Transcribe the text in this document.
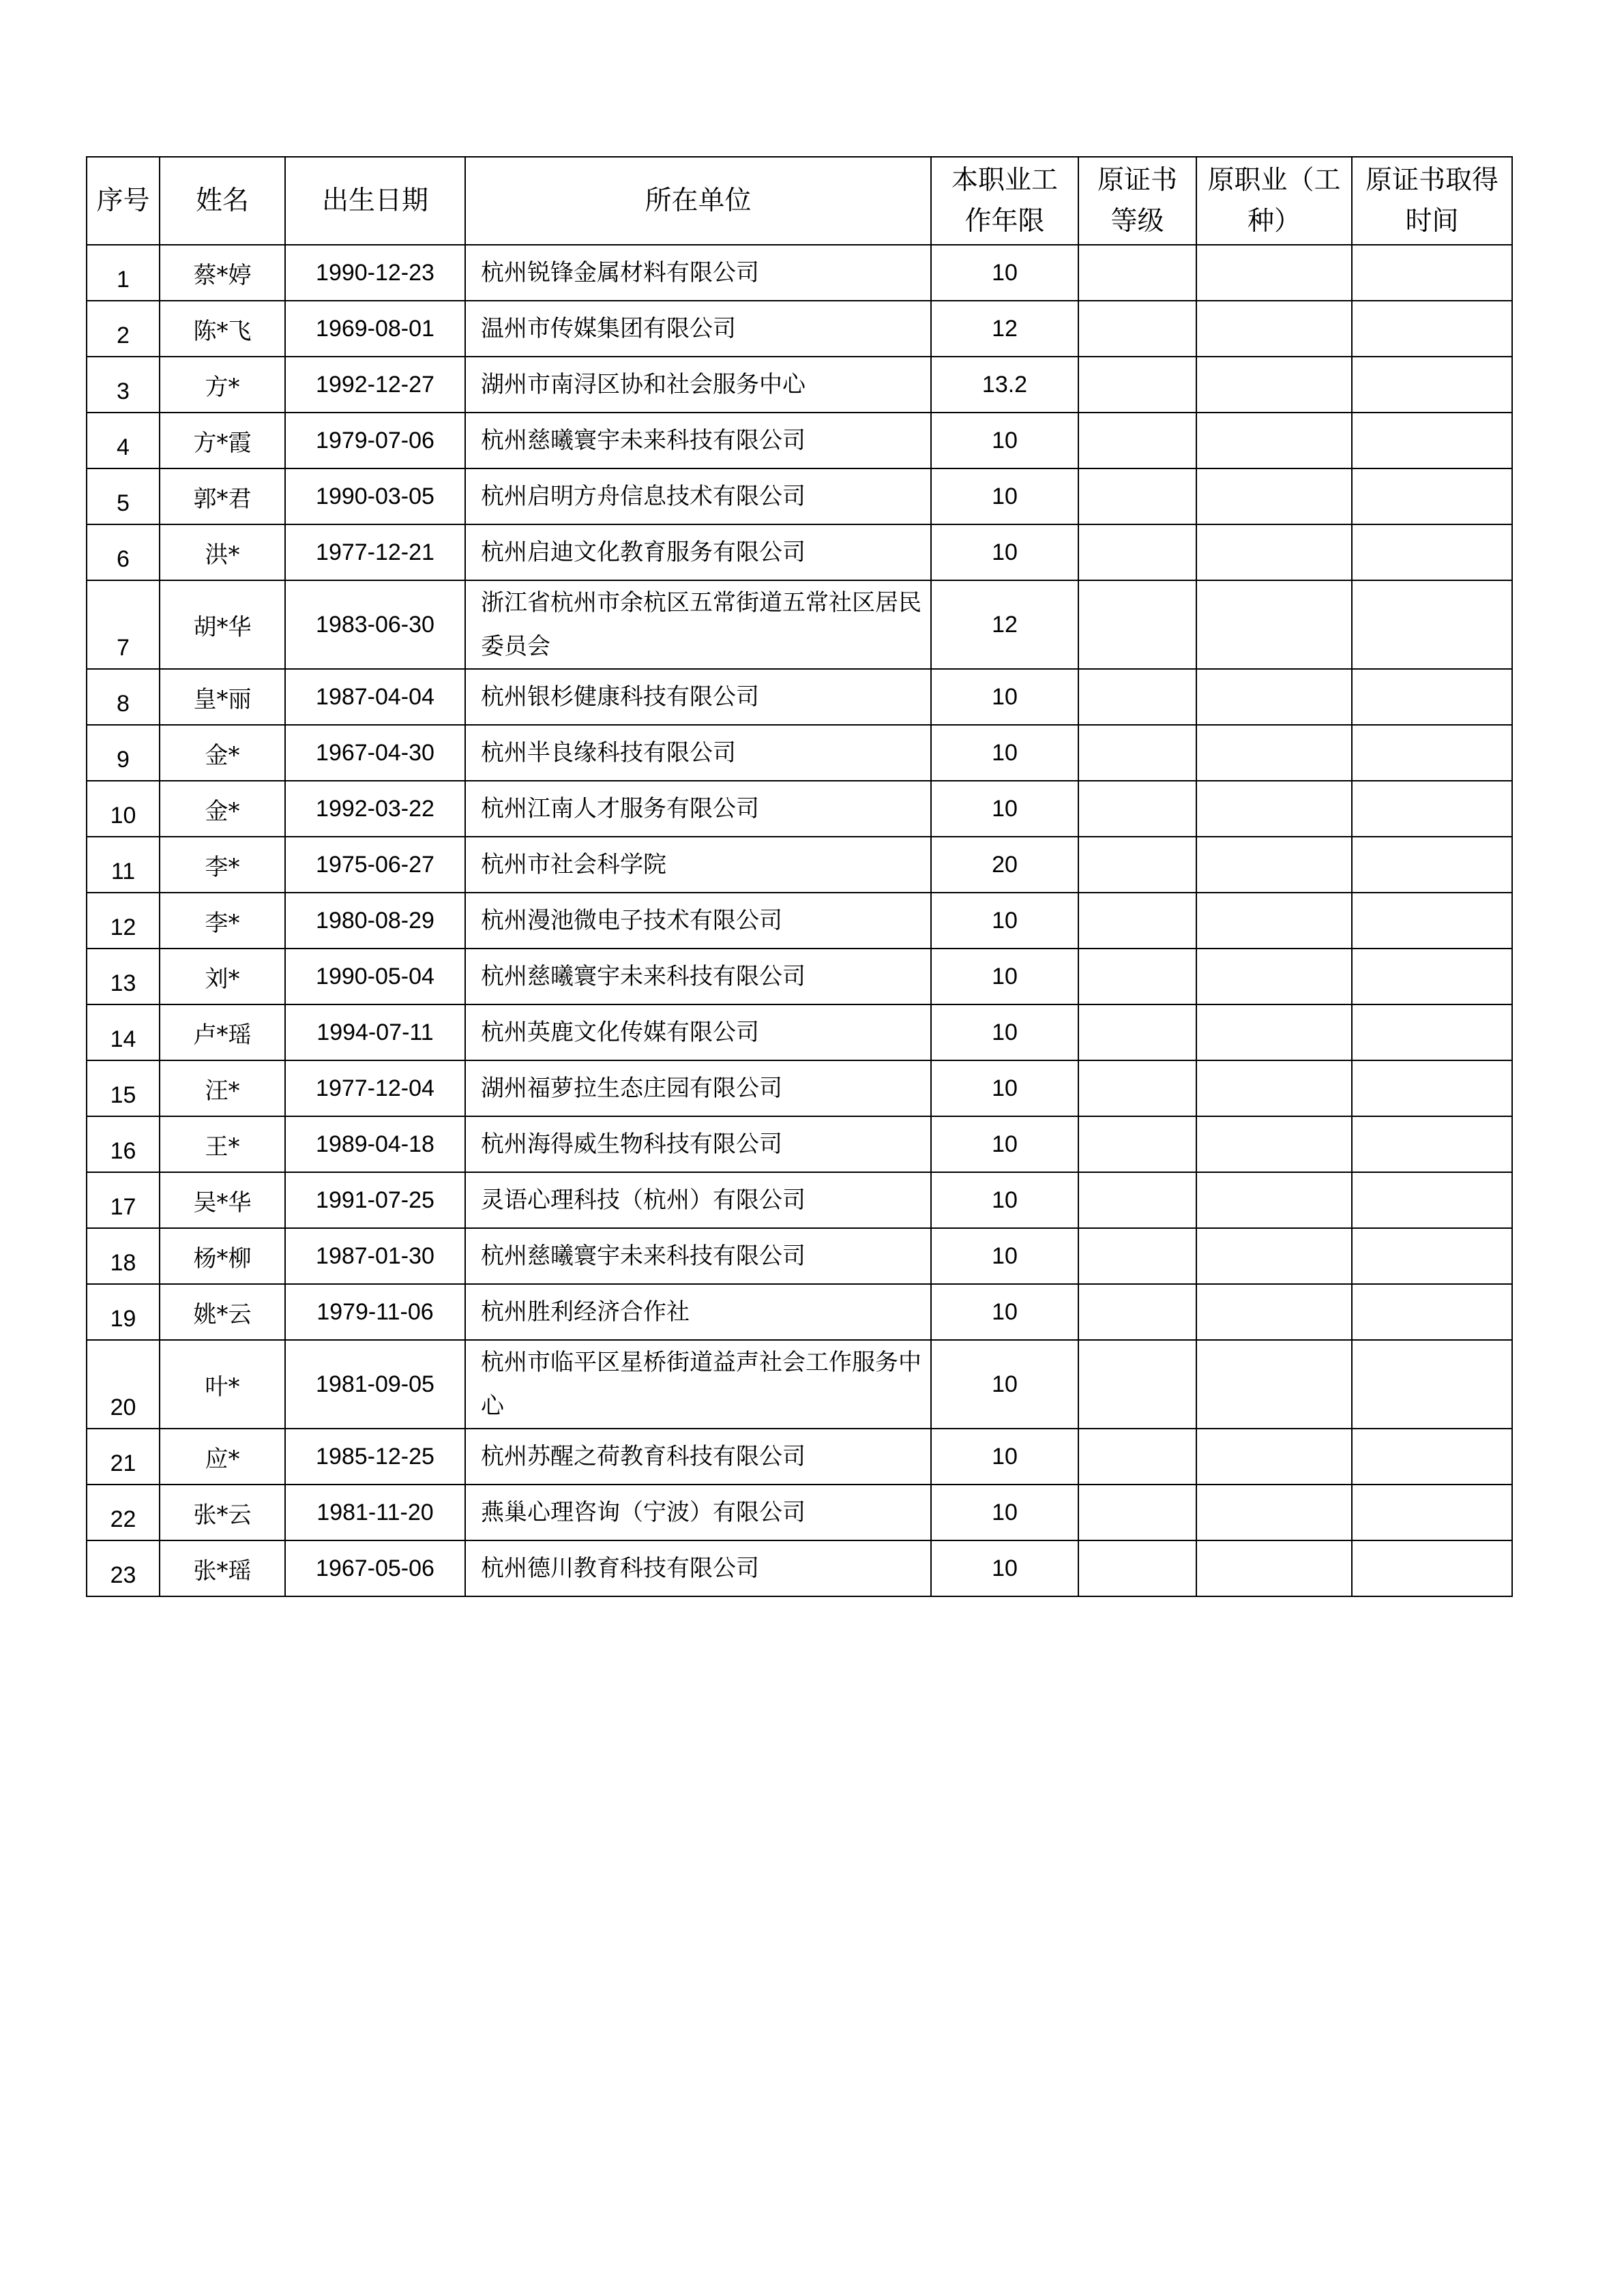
序号	姓名	出生日期	所在单位	本职业工作年限	原证书等级	原职业（工种）	原证书取得时间
1	蔡*婷	1990-12-23	杭州锐锋金属材料有限公司	10			
2	陈*飞	1969-08-01	温州市传媒集团有限公司	12			
3	方*	1992-12-27	湖州市南浔区协和社会服务中心	13.2			
4	方*霞	1979-07-06	杭州慈曦寰宇未来科技有限公司	10			
5	郭*君	1990-03-05	杭州启明方舟信息技术有限公司	10			
6	洪*	1977-12-21	杭州启迪文化教育服务有限公司	10			
7	胡*华	1983-06-30	浙江省杭州市余杭区五常街道五常社区居民委员会	12			
8	皇*丽	1987-04-04	杭州银杉健康科技有限公司	10			
9	金*	1967-04-30	杭州半良缘科技有限公司	10			
10	金*	1992-03-22	杭州江南人才服务有限公司	10			
11	李*	1975-06-27	杭州市社会科学院	20			
12	李*	1980-08-29	杭州漫池微电子技术有限公司	10			
13	刘*	1990-05-04	杭州慈曦寰宇未来科技有限公司	10			
14	卢*瑶	1994-07-11	杭州英鹿文化传媒有限公司	10			
15	汪*	1977-12-04	湖州福萝拉生态庄园有限公司	10			
16	王*	1989-04-18	杭州海得威生物科技有限公司	10			
17	吴*华	1991-07-25	灵语心理科技（杭州）有限公司	10			
18	杨*柳	1987-01-30	杭州慈曦寰宇未来科技有限公司	10			
19	姚*云	1979-11-06	杭州胜利经济合作社	10			
20	叶*	1981-09-05	杭州市临平区星桥街道益声社会工作服务中心	10			
21	应*	1985-12-25	杭州苏醒之荷教育科技有限公司	10			
22	张*云	1981-11-20	燕巢心理咨询（宁波）有限公司	10			
23	张*瑶	1967-05-06	杭州德川教育科技有限公司	10			
